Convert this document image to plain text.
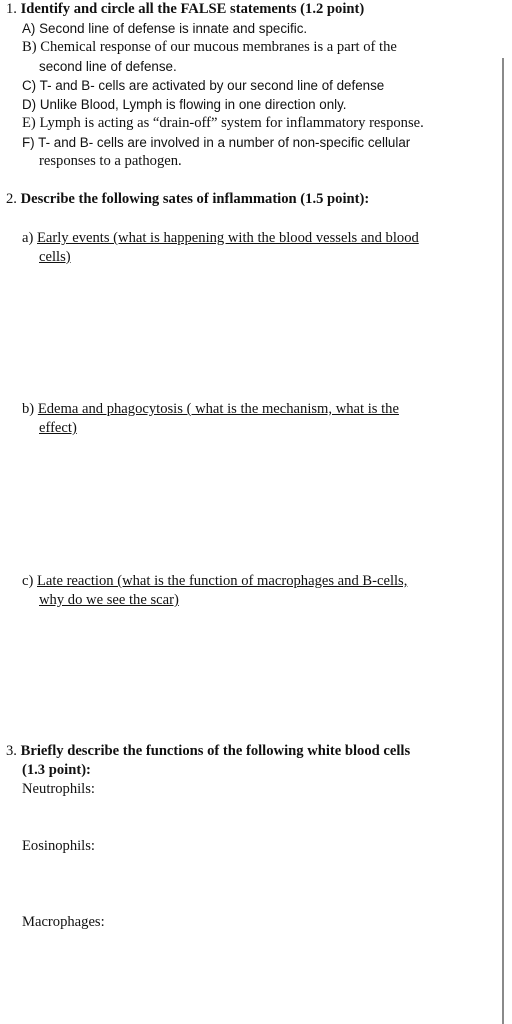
1. Identify and circle all the FALSE statements (1.2 point)
A) Second line of defense is innate and specific.
B) Chemical response of our mucous membranes is a part of the
second line of defense.
C) T- and B- cells are activated by our second line of defense
D) Unlike Blood, Lymph is flowing in one direction only.
E) Lymph is acting as “drain-off” system for inflammatory response.
F) T- and B- cells are involved in a number of non-specific cellular
responses to a pathogen.
2. Describe the following sates of inflammation (1.5 point):
a) Early events (what is happening with the blood vessels and blood
cells)
b) Edema and phagocytosis ( what is the mechanism, what is the
effect)
c) Late reaction (what is the function of macrophages and B-cells,
why do we see the scar)
3. Briefly describe the functions of the following white blood cells
(1.3 point):
Neutrophils:
Eosinophils:
Macrophages:
